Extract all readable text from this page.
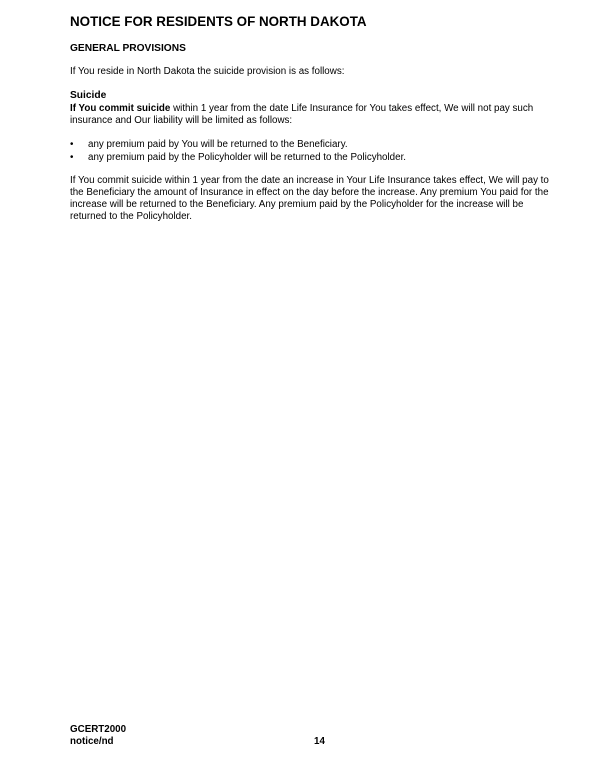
NOTICE FOR RESIDENTS OF NORTH DAKOTA
GENERAL PROVISIONS
If You reside in North Dakota the suicide provision is as follows:
Suicide
If You commit suicide within 1 year from the date Life Insurance for You takes effect, We will not pay such insurance and Our liability will be limited as follows:
• any premium paid by You will be returned to the Beneficiary.
• any premium paid by the Policyholder will be returned to the Policyholder.
If You commit suicide within 1 year from the date an increase in Your Life Insurance takes effect, We will pay to the Beneficiary the amount of Insurance in effect on the day before the increase. Any premium You paid for the increase will be returned to the Beneficiary. Any premium paid by the Policyholder for the increase will be returned to the Policyholder.
GCERT2000
notice/nd	14
